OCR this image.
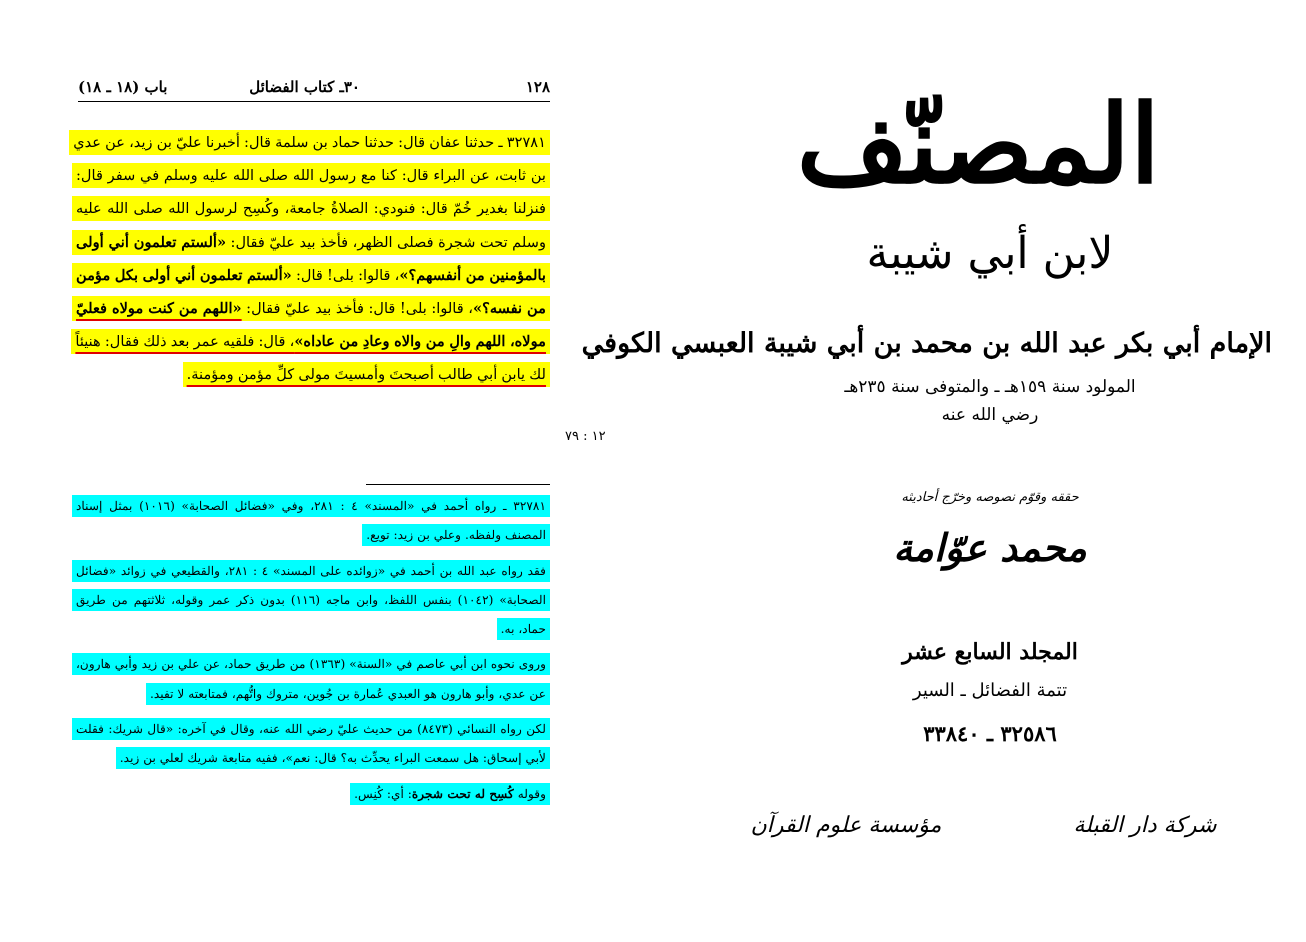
١٢٨
٣٠ـ كتاب الفضائل
باب (١٨ ـ ١٨)

٣٢٧٨١ ـ حدثنا عفان قال: حدثنا حماد بن سلمة قال: أخبرنا عليّ بن زيد، عن عدي بن ثابت، عن البراء قال: كنا مع رسول الله صلى الله عليه وسلم في سفر قال: فنزلنا بغدير خُمّ قال: فنودي: الصلاةُ جامعة، وكُسِح لرسول الله صلى الله عليه وسلم تحت شجرة فصلى الظهر، فأخذ بيد عليّ فقال: «ألستم تعلمون أني أولى بالمؤمنين من أنفسهم؟»، قالوا: بلى! قال: «ألستم تعلمون أني أولى بكل مؤمن من نفسه؟»، قالوا: بلى! قال: فأخذ بيد عليّ فقال: «اللهم من كنت مولاه فعليّ مولاه، اللهم والِ من والاه وعادِ من عاداه»، قال: فلقيه عمر بعد ذلك فقال: هنيئاً لك يابن أبي طالب أصبحتَ وأمسيتَ مولى كلِّ مؤمن ومؤمنة.

١٢ : ٧٩

٣٢٧٨١ ـ رواه أحمد في «المسند» ٤ : ٢٨١، وفي «فضائل الصحابة» (١٠١٦) بمثل إسناد المصنف ولفظه. وعلي بن زيد: تويع.

فقد رواه عبد الله بن أحمد في «زوائده على المسند» ٤ : ٢٨١، والقطيعي في زوائد «فضائل الصحابة» (١٠٤٢) بنفس اللفظ، وابن ماجه (١١٦) بدون ذكر عمر وقوله، ثلاثتهم من طريق حماد، به.

وروى نحوه ابن أبي عاصم في «السنة» (١٣٦٣) من طريق حماد، عن علي بن زيد وأبي هارون، عن عدي، وأبو هارون هو العبدي عُمارة بن جُوين، متروك واتُّهم، فمتابعته لا تفيد.

لكن رواه النسائي (٨٤٧٣) من حديث عليّ رضي الله عنه، وقال في آخره: «قال شريك: فقلت لأبي إسحاق: هل سمعت البراء يحدِّث به؟ قال: نعم»، ففيه متابعة شريك لعلي بن زيد.

وقوله كُسِح له تحت شجرة: أي: كُنِس.

المصنّف
لابن أبي شيبة
الإمام أبي بكر عبد الله بن محمد بن أبي شيبة العبسي الكوفي
المولود سنة ١٥٩هـ ـ والمتوفى سنة ٢٣٥هـ
رضي الله عنه
حققه وقوّم نصوصه وخرّج أحاديثه
محمد عوّامة
المجلد السابع عشر
تتمة الفضائل ـ السير
٣٢٥٨٦ ـ ٣٣٨٤٠
مؤسسة علوم القرآن	شركة دار القبلة
